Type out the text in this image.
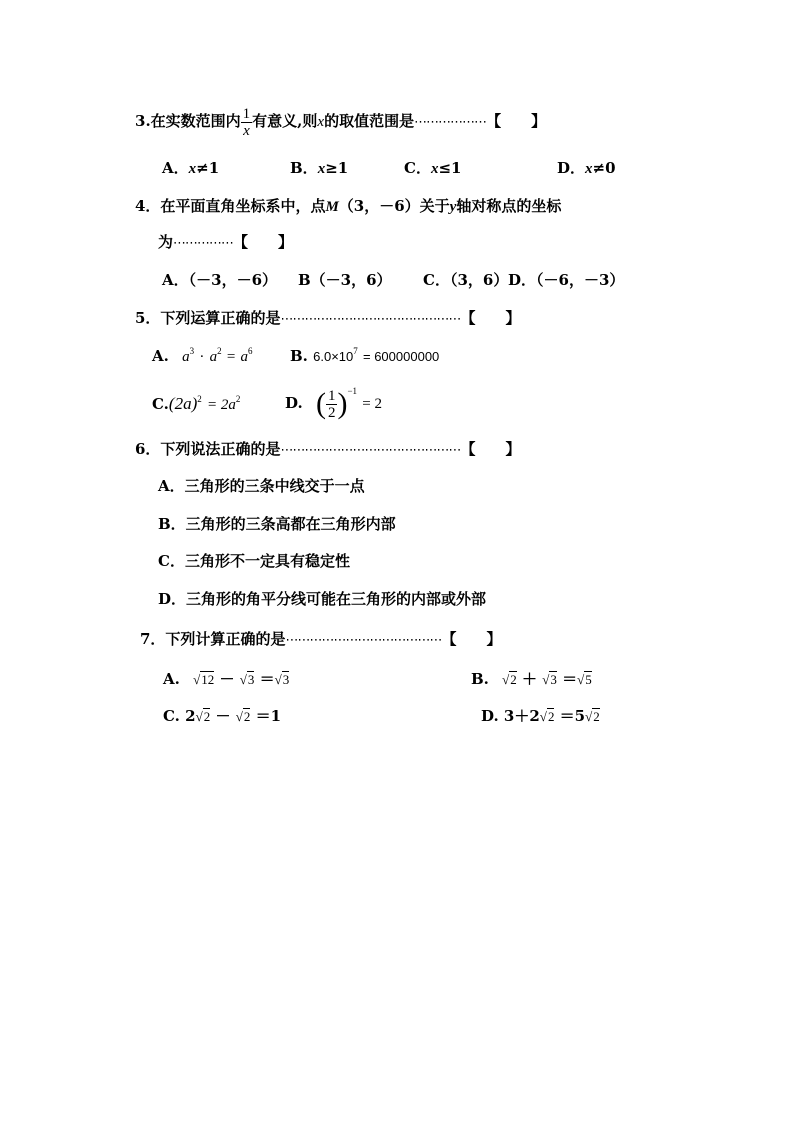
3.在实数范围内 $\frac{1}{x}$ 有意义,则x的取值范围是⋯⋯⋯⋯⋯⋯【　　】
A．x≠1	B．x≥1	C．x≤1	D．x≠0
4．在平面直角坐标系中，点M（3，－6）关于y轴对称点的坐标
为⋯⋯⋯⋯⋯【　　】
A．（－3，－6） B（－3，6） C．（3，6） D．（－6，－3）
5．下列运算正确的是⋯⋯⋯⋯⋯⋯⋯⋯⋯⋯⋯⋯⋯⋯⋯【　　】
A. $a^3 \cdot a^2 = a^6$ B. $6.0\times 10^7 = 600000000$
$C.(2a)^2 = 2a^2$	D. ( $\frac{1}{2}$ ) $^{-1}$ = 2
6．下列说法正确的是⋯⋯⋯⋯⋯⋯⋯⋯⋯⋯⋯⋯⋯⋯⋯【　　】
A．三角形的三条中线交于一点
B．三角形的三条高都在三角形内部
C．三角形不一定具有稳定性
D．三角形的角平分线可能在三角形的内部或外部
7．下列计算正确的是⋯⋯⋯⋯⋯⋯⋯⋯⋯⋯⋯⋯⋯【　　】
A. √12 － √3 ＝√3	B. √2 ＋ √3 ＝√5
C. 2√2 － √2 ＝1	D. 3＋2√2 ＝5√2
